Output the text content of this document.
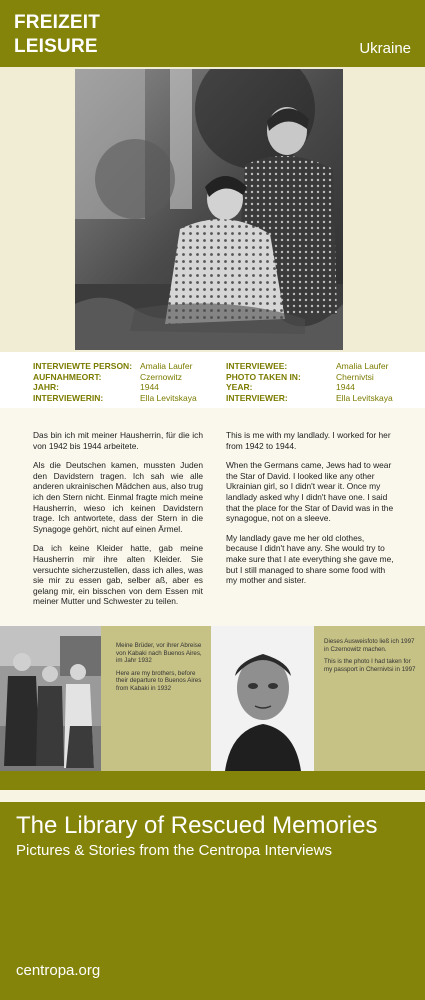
FREIZEIT
LEISURE	Ukraine
INTERVIEWTE PERSON:
AUFNAHMEORT:
JAHR:
INTERVIEWERIN:
Amalia Laufer
Czernowitz
1944
Ella Levitskaya
INTERVIEWEE:
PHOTO TAKEN IN:
YEAR:
INTERVIEWER:
Amalia Laufer
Chernivtsi
1944
Ella Levitskaya

Das bin ich mit meiner Hausherrin, für die ich von 1942 bis 1944 arbeitete.

Als die Deutschen kamen, mussten Juden den Davidstern tragen. Ich sah wie alle anderen ukrainischen Mädchen aus, also trug ich den Stern nicht. Einmal fragte mich meine Hausherrin, wieso ich keinen Davidstern trage. Ich antwortete, dass der Stern in die Synagoge gehört, nicht auf einen Ärmel.

Da ich keine Kleider hatte, gab meine Hausherrin mir ihre alten Kleider. Sie versuchte sicherzustellen, dass ich alles, was sie mir zu essen gab, selber aß, aber es gelang mir, ein bisschen von dem Essen mit meiner Mutter und Schwester zu teilen.

This is me with my landlady. I worked for her from 1942 to 1944.

When the Germans came, Jews had to wear the Star of David. I looked like any other Ukrainian girl, so I didn't wear it. Once my landlady asked why I didn't have one. I said that the place for the Star of David was in the synagogue, not on a sleeve.

My landlady gave me her old clothes, because I didn't have any. She would try to make sure that I ate everything she gave me, but I still managed to share some food with my mother and sister.

Meine Brüder, vor ihrer Abreise von Kabaki nach Buenos Aires, im Jahr 1932

Here are my brothers, before their departure to Buenos Aires from Kabaki in 1932

Dieses Ausweisfoto ließ ich 1997 in Czernowitz machen.

This is the photo I had taken for my passport in Chernivtsi in 1997

The Library of Rescued Memories
Pictures & Stories from the Centropa Interviews
centropa.org
